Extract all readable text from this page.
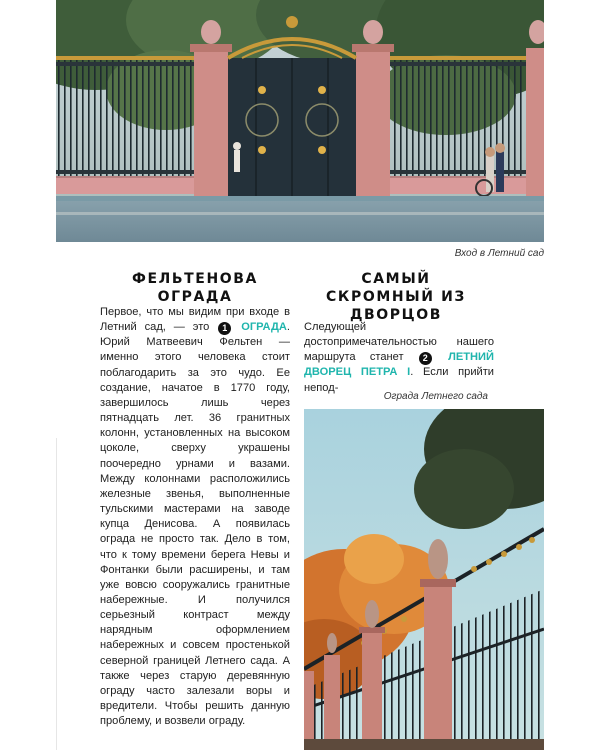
Вход в Летний сад
ФЕЛЬТЕНОВА ОГРАДА
САМЫЙ СКРОМНЫЙ ИЗ ДВОРЦОВ
Первое, что мы видим при входе в Летний сад, — это 1 ОГРАДА. Юрий Матвеевич Фельтен — именно этого человека стоит поблагодарить за это чудо. Ее создание, начатое в 1770 году, завершилось лишь через пятнадцать лет. 36 гранитных колонн, установленных на высоком цоколе, сверху украшены поочередно урнами и вазами. Между колоннами расположились железные звенья, выполненные тульскими мастерами на заводе купца Денисова. А появилась ограда не просто так. Дело в том, что к тому времени берега Невы и Фонтанки были расширены, и там уже вовсю сооружались гранитные набережные. И получился серьезный контраст между нарядным оформлением набережных и совсем простенькой северной границей Летнего сада. А также через старую деревянную ограду часто залезали воры и вредители. Чтобы решить данную проблему, и возвели ограду.
Следующей достопримечательностью нашего маршрута станет 2 ЛЕТНИЙ ДВОРЕЦ ПЕТРА I. Если прийти непод-
Ограда Летнего сада
